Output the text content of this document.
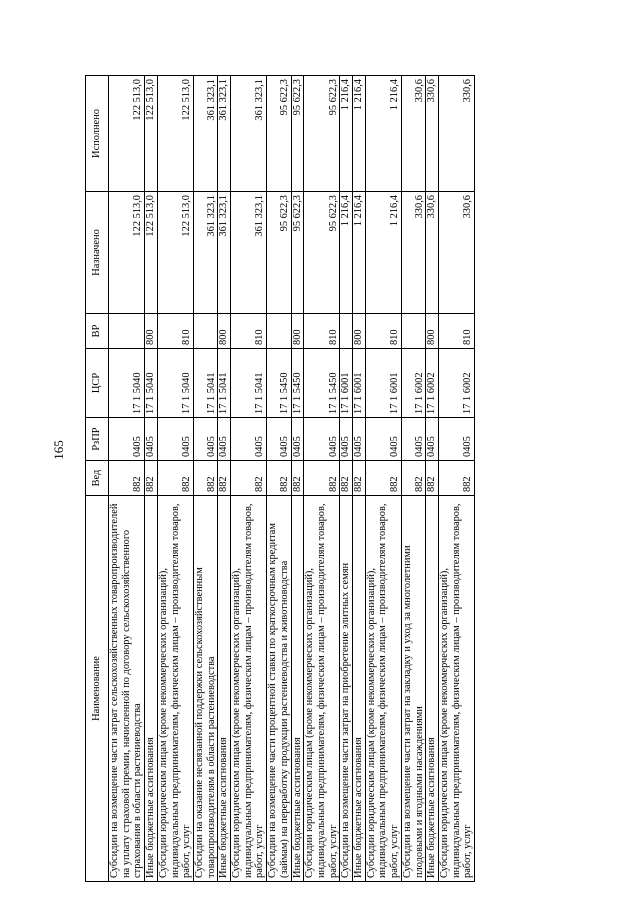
165
Наименование	Вед	РзПР	ЦСР	ВР	Назначено	Исполнено
Субсидии на возмещение части затрат сельскохозяйственных товаропроизводителей на уплату страховой премии, начисленной по договору сельскохозяйственного страхования в области растениеводства	882	0405	17 1 5040		122 513,0	122 513,0
Иные бюджетные ассигнования	882	0405	17 1 5040	800	122 513,0	122 513,0
Субсидии юридическим лицам (кроме некоммерческих организаций), индивидуальным предпринимателям, физическим лицам – производителям товаров, работ, услуг	882	0405	17 1 5040	810	122 513,0	122 513,0
Субсидии на оказание несвязанной поддержки сельскохозяйственным товаропроизводителям в области растениеводства	882	0405	17 1 5041		361 323,1	361 323,1
Иные бюджетные ассигнования	882	0405	17 1 5041	800	361 323,1	361 323,1
Субсидии юридическим лицам (кроме некоммерческих организаций), индивидуальным предпринимателям, физическим лицам – производителям товаров, работ, услуг	882	0405	17 1 5041	810	361 323,1	361 323,1
Субсидии на возмещение части процентной ставки по краткосрочным кредитам (займам) на переработку продукции растениеводства и животноводства	882	0405	17 1 5450		95 622,3	95 622,3
Иные бюджетные ассигнования	882	0405	17 1 5450	800	95 622,3	95 622,3
Субсидии юридическим лицам (кроме некоммерческих организаций), индивидуальным предпринимателям, физическим лицам – производителям товаров, работ, услуг	882	0405	17 1 5450	810	95 622,3	95 622,3
Субсидии на возмещение части затрат на приобретение элитных семян	882	0405	17 1 6001		1 216,4	1 216,4
Иные бюджетные ассигнования	882	0405	17 1 6001	800	1 216,4	1 216,4
Субсидии юридическим лицам (кроме некоммерческих организаций), индивидуальным предпринимателям, физическим лицам – производителям товаров, работ, услуг	882	0405	17 1 6001	810	1 216,4	1 216,4
Субсидии на возмещение части затрат на закладку и уход за многолетними плодовыми и ягодными насаждениями	882	0405	17 1 6002		330,6	330,6
Иные бюджетные ассигнования	882	0405	17 1 6002	800	330,6	330,6
Субсидии юридическим лицам (кроме некоммерческих организаций), индивидуальным предпринимателям, физическим лицам – производителям товаров, работ, услуг	882	0405	17 1 6002	810	330,6	330,6
